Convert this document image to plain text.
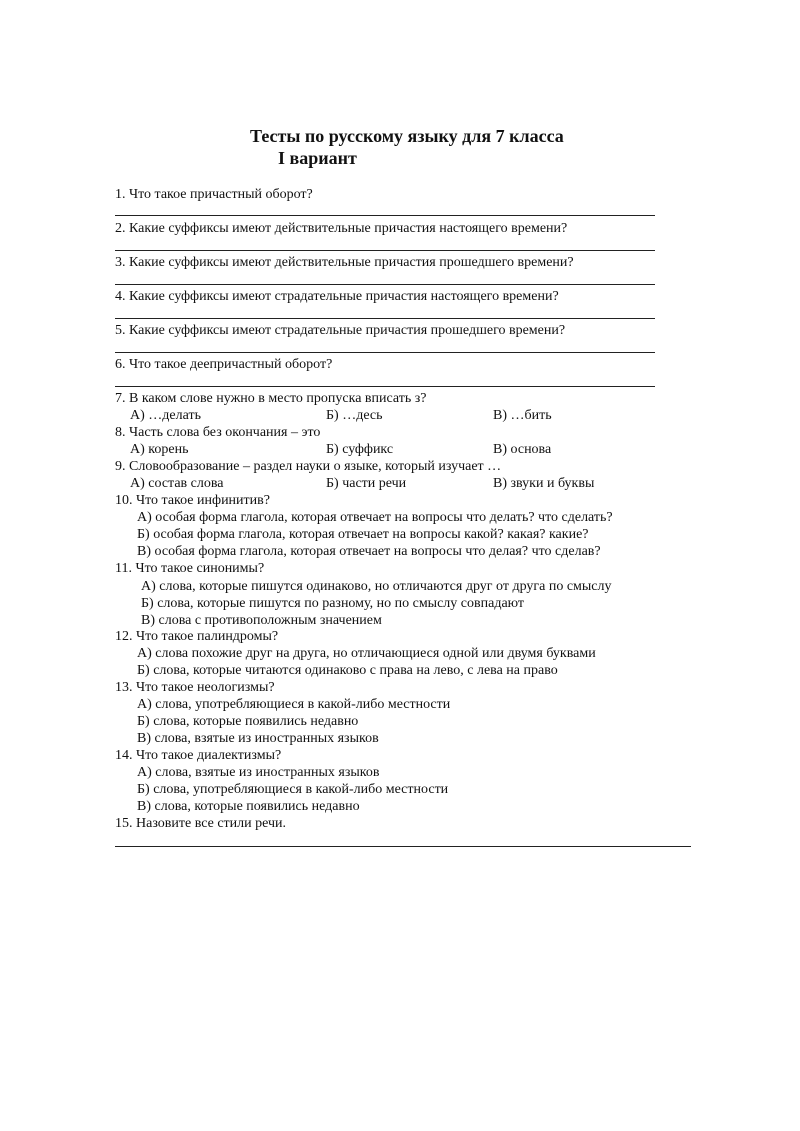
Тесты по русскому языку для 7 класса
I вариант
1. Что такое причастный оборот?
2. Какие суффиксы имеют действительные причастия настоящего времени?
3. Какие суффиксы имеют действительные причастия прошедшего времени?
4. Какие суффиксы имеют страдательные причастия настоящего времени?
5. Какие суффиксы имеют страдательные причастия прошедшего времени?
6. Что такое деепричастный оборот?
7. В каком слове нужно в место пропуска вписать з?
А) …делать	Б) …десь	В) …бить
8. Часть слова без окончания – это
А) корень	Б) суффикс	В) основа
9. Словообразование – раздел науки о языке, который изучает …
А) состав слова	Б) части речи	В) звуки и буквы
10. Что такое инфинитив?
А) особая форма глагола, которая отвечает на вопросы что делать? что сделать?
Б) особая форма глагола, которая отвечает на вопросы какой? какая? какие?
В) особая форма глагола, которая отвечает на вопросы что делая? что сделав?
11. Что такое синонимы?
А) слова, которые пишутся одинаково, но отличаются друг от друга по смыслу
Б) слова, которые пишутся по разному, но по смыслу совпадают
В) слова с противоположным значением
12. Что такое палиндромы?
А) слова похожие друг на друга, но отличающиеся одной или двумя буквами
Б) слова, которые читаются одинаково с права на лево, с лева на право
13. Что такое неологизмы?
А) слова, употребляющиеся в какой-либо местности
Б) слова, которые появились недавно
В) слова, взятые из иностранных языков
14. Что такое диалектизмы?
А) слова, взятые из иностранных языков
Б) слова, употребляющиеся в какой-либо местности
В) слова, которые появились недавно
15. Назовите все стили речи.
